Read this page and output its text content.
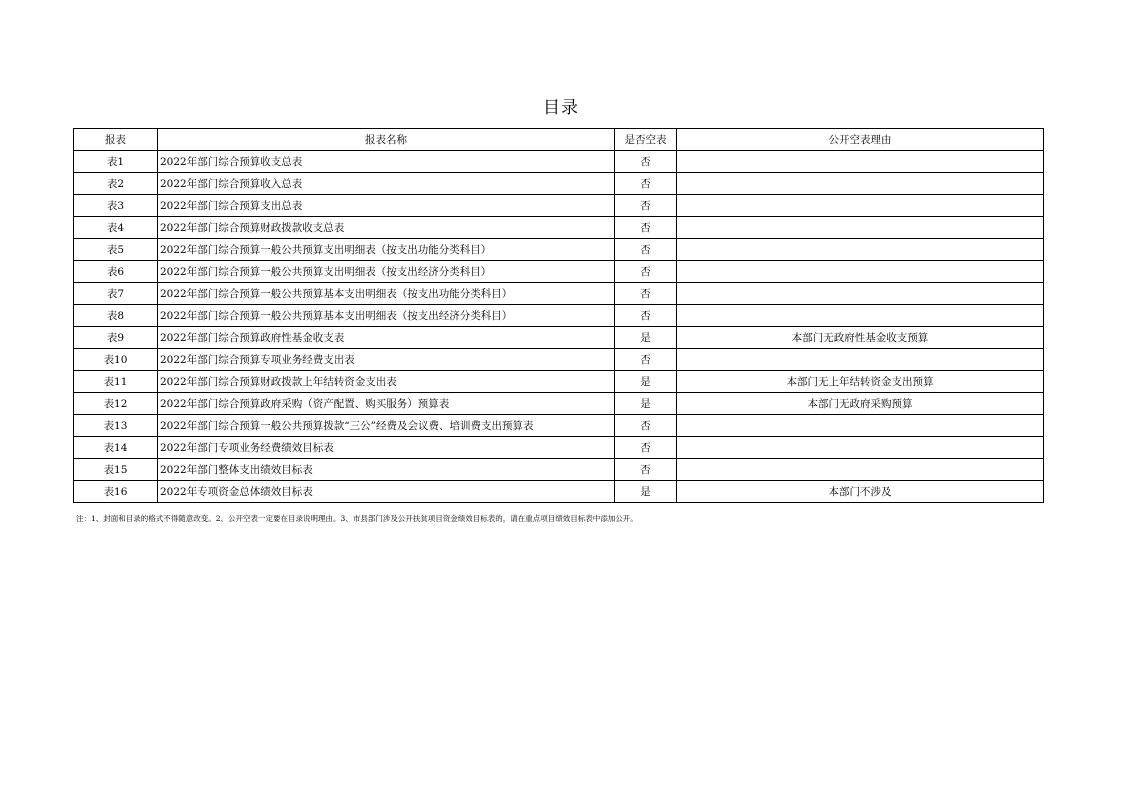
目录
报表	报表名称	是否空表	公开空表理由
表1	2022年部门综合预算收支总表	否	
表2	2022年部门综合预算收入总表	否	
表3	2022年部门综合预算支出总表	否	
表4	2022年部门综合预算财政拨款收支总表	否	
表5	2022年部门综合预算一般公共预算支出明细表（按支出功能分类科目）	否	
表6	2022年部门综合预算一般公共预算支出明细表（按支出经济分类科目）	否	
表7	2022年部门综合预算一般公共预算基本支出明细表（按支出功能分类科目）	否	
表8	2022年部门综合预算一般公共预算基本支出明细表（按支出经济分类科目）	否	
表9	2022年部门综合预算政府性基金收支表	是	本部门无政府性基金收支预算
表10	2022年部门综合预算专项业务经费支出表	否	
表11	2022年部门综合预算财政拨款上年结转资金支出表	是	本部门无上年结转资金支出预算
表12	2022年部门综合预算政府采购（资产配置、购买服务）预算表	是	本部门无政府采购预算
表13	2022年部门综合预算一般公共预算拨款“三公”经费及会议费、培训费支出预算表	否	
表14	2022年部门专项业务经费绩效目标表	否	
表15	2022年部门整体支出绩效目标表	否	
表16	2022年专项资金总体绩效目标表	是	本部门不涉及
注：1、封面和目录的格式不得随意改变。2、公开空表一定要在目录说明理由。3、市县部门涉及公开扶贫项目资金绩效目标表的，请在重点项目绩效目标表中添加公开。
